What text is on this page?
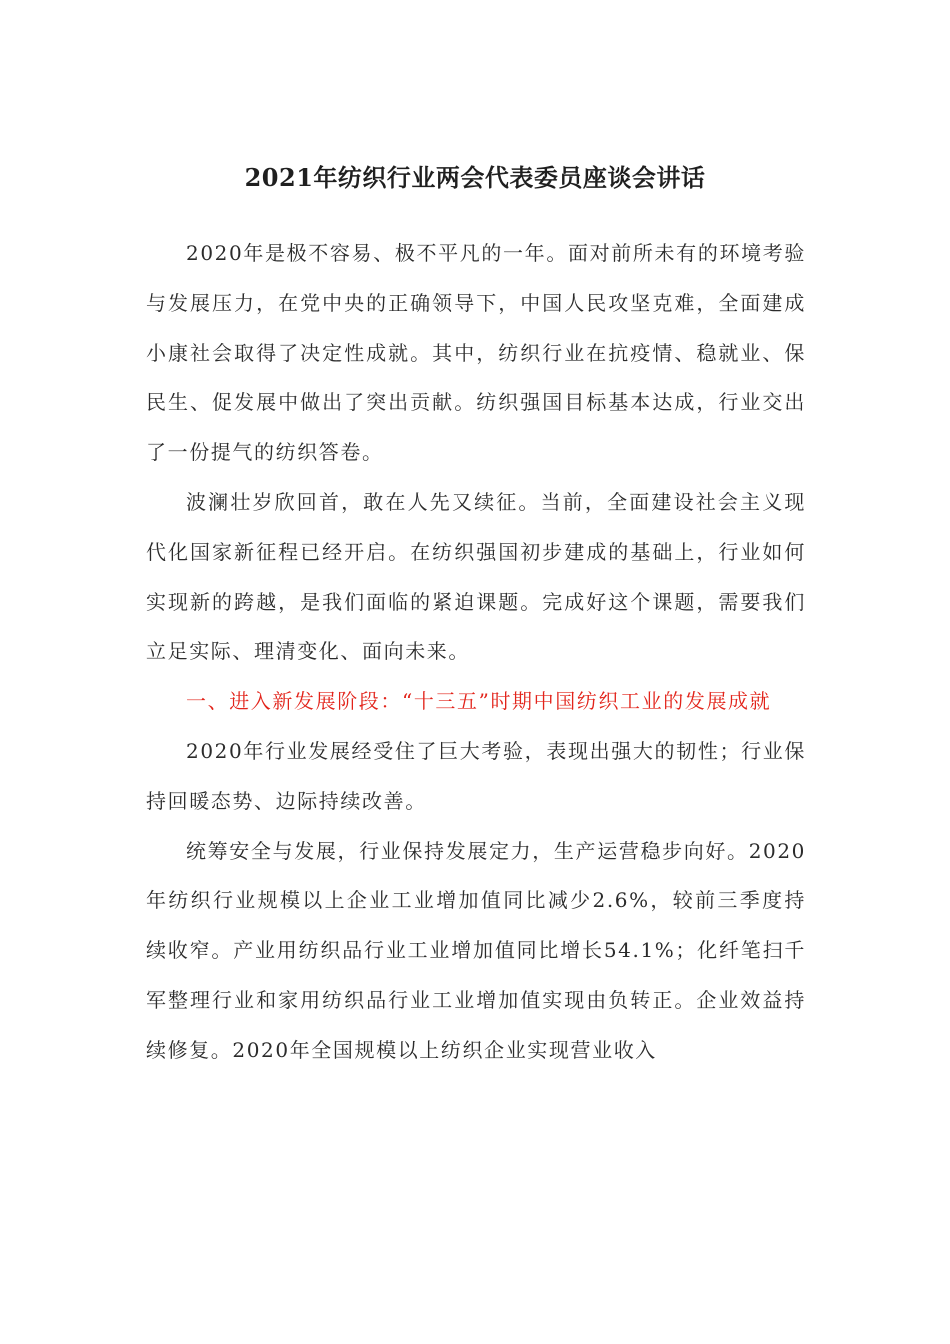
2021年纺织行业两会代表委员座谈会讲话

2020年是极不容易、极不平凡的一年。面对前所未有的环境考验与发展压力，在党中央的正确领导下，中国人民攻坚克难，全面建成小康社会取得了决定性成就。其中，纺织行业在抗疫情、稳就业、保民生、促发展中做出了突出贡献。纺织强国目标基本达成，行业交出了一份提气的纺织答卷。

波澜壮岁欣回首，敢在人先又续征。当前，全面建设社会主义现代化国家新征程已经开启。在纺织强国初步建成的基础上，行业如何实现新的跨越，是我们面临的紧迫课题。完成好这个课题，需要我们立足实际、理清变化、面向未来。

一、进入新发展阶段：“十三五”时期中国纺织工业的发展成就

2020年行业发展经受住了巨大考验，表现出强大的韧性；行业保持回暖态势、边际持续改善。

统筹安全与发展，行业保持发展定力，生产运营稳步向好。2020年纺织行业规模以上企业工业增加值同比减少2.6%，较前三季度持续收窄。产业用纺织品行业工业增加值同比增长54.1%；化纤笔扫千军整理行业和家用纺织品行业工业增加值实现由负转正。企业效益持续修复。2020年全国规模以上纺织企业实现营业收入
